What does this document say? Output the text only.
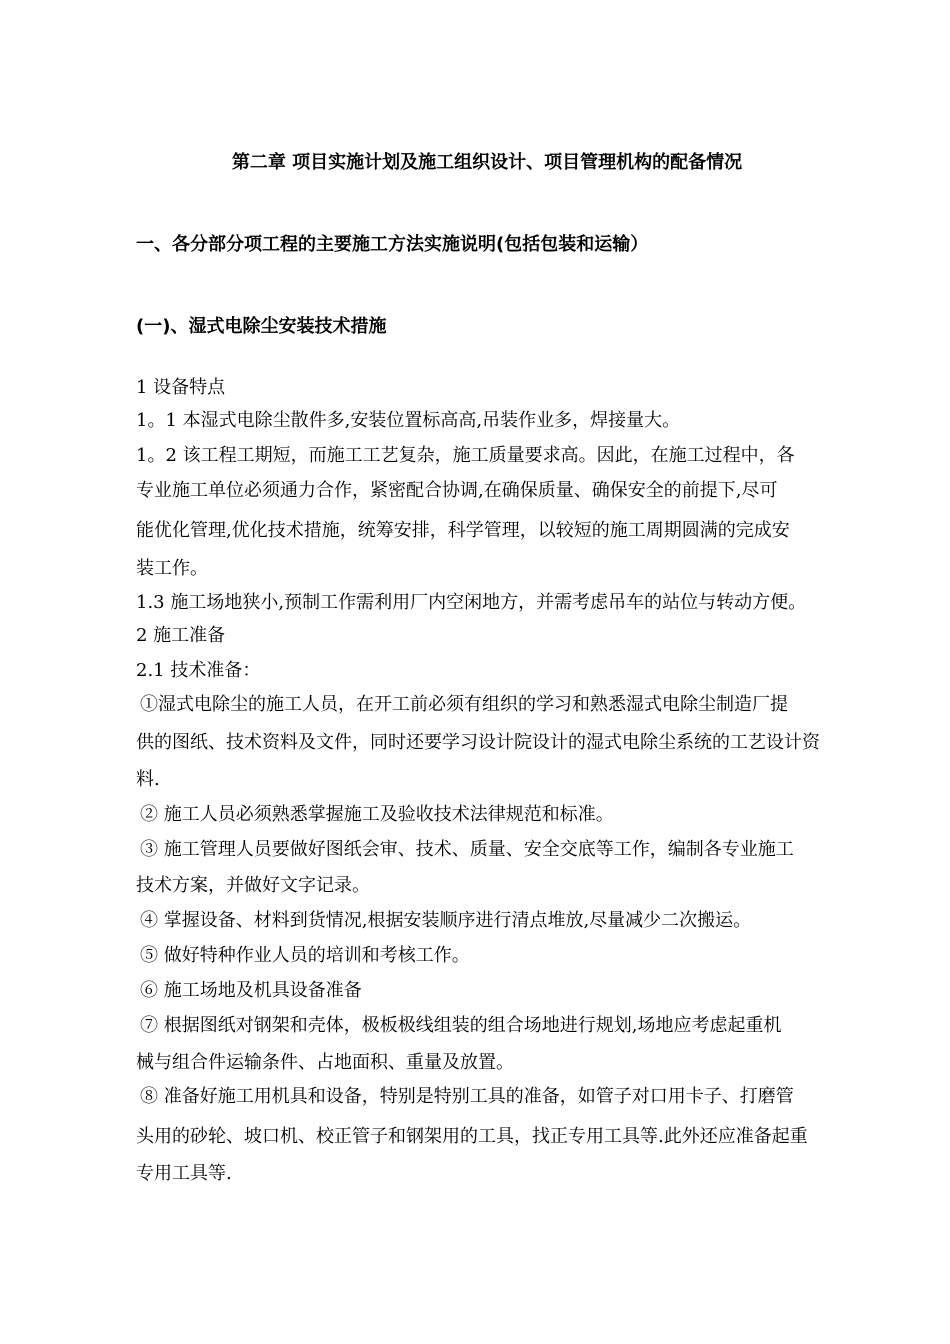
第二章 项目实施计划及施工组织设计、项目管理机构的配备情况
一、各分部分项工程的主要施工方法实施说明(包括包装和运输）
(一)、湿式电除尘安装技术措施
1 设备特点
1。1 本湿式电除尘散件多,安装位置标高高,吊装作业多，焊接量大。
1。2 该工程工期短，而施工工艺复杂，施工质量要求高。因此，在施工过程中，各
专业施工单位必须通力合作，紧密配合协调,在确保质量、确保安全的前提下,尽可
能优化管理,优化技术措施，统筹安排，科学管理，以较短的施工周期圆满的完成安
装工作。
1.3 施工场地狭小,预制工作需利用厂内空闲地方，并需考虑吊车的站位与转动方便。
2 施工准备
2.1 技术准备：
①湿式电除尘的施工人员，在开工前必须有组织的学习和熟悉湿式电除尘制造厂提
供的图纸、技术资料及文件，同时还要学习设计院设计的湿式电除尘系统的工艺设计资
料.
② 施工人员必须熟悉掌握施工及验收技术法律规范和标准。
③ 施工管理人员要做好图纸会审、技术、质量、安全交底等工作，编制各专业施工
技术方案，并做好文字记录。
④ 掌握设备、材料到货情况,根据安装顺序进行清点堆放,尽量减少二次搬运。
⑤ 做好特种作业人员的培训和考核工作。
⑥ 施工场地及机具设备准备
⑦ 根据图纸对钢架和壳体，极板极线组装的组合场地进行规划,场地应考虑起重机
械与组合件运输条件、占地面积、重量及放置。
⑧ 准备好施工用机具和设备，特别是特别工具的准备，如管子对口用卡子、打磨管
头用的砂轮、坡口机、校正管子和钢架用的工具，找正专用工具等.此外还应准备起重
专用工具等.
